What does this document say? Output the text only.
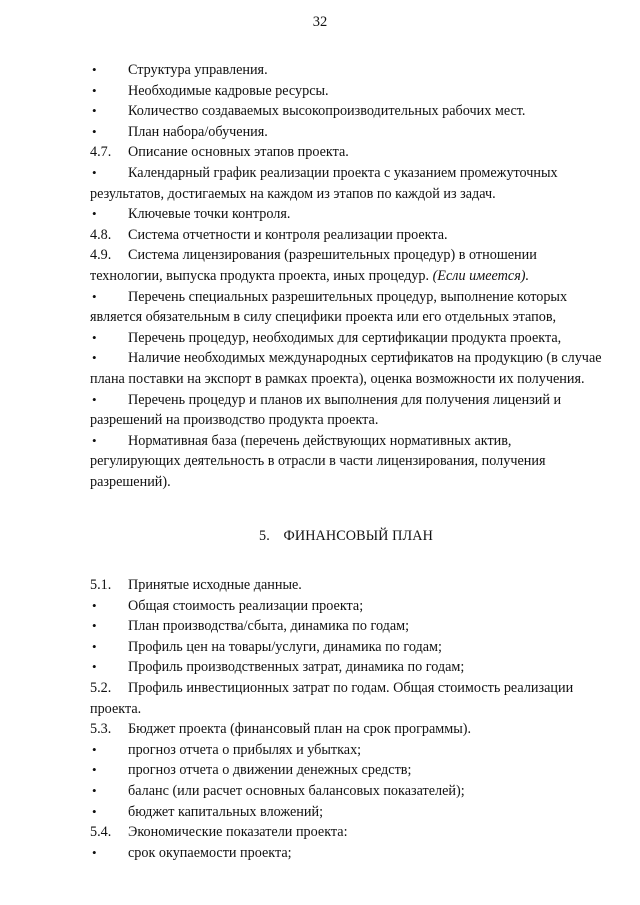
32

•	Структура управления.

•	Необходимые кадровые ресурсы.

•	Количество создаваемых высокопроизводительных рабочих мест.

•	План набора/обучения.

4.7.	Описание основных этапов проекта.

•	Календарный график реализации проекта с указанием промежуточных результатов, достигаемых на каждом из этапов по каждой из задач.

•	Ключевые точки контроля.

4.8.	Система отчетности и контроля реализации проекта.

4.9.	Система лицензирования (разрешительных процедур) в отношении технологии, выпуска продукта проекта, иных процедур. (Если имеется).

•	Перечень специальных разрешительных процедур, выполнение которых является обязательным в силу специфики проекта или его отдельных этапов,

•	Перечень процедур, необходимых для сертификации продукта проекта,

•	Наличие необходимых международных сертификатов на продукцию (в случае плана поставки на экспорт в рамках проекта), оценка возможности их получения.

•	Перечень процедур и планов их выполнения для получения лицензий и разрешений на производство продукта проекта.

•	Нормативная база (перечень действующих нормативных актив, регулирующих деятельность в отрасли в части лицензирования, получения разрешений).

5. ФИНАНСОВЫЙ ПЛАН

5.1.	Принятые исходные данные.

•	Общая стоимость реализации проекта;

•	План производства/сбыта, динамика по годам;

•	Профиль цен на товары/услуги, динамика по годам;

•	Профиль производственных затрат, динамика по годам;

5.2.	Профиль инвестиционных затрат по годам. Общая стоимость реализации проекта.

5.3.	Бюджет проекта (финансовый план на срок программы).

•	прогноз отчета о прибылях и убытках;

•	прогноз отчета о движении денежных средств;

•	баланс (или расчет основных балансовых показателей);

•	бюджет капитальных вложений;

5.4.	Экономические показатели проекта:

•	срок окупаемости проекта;
